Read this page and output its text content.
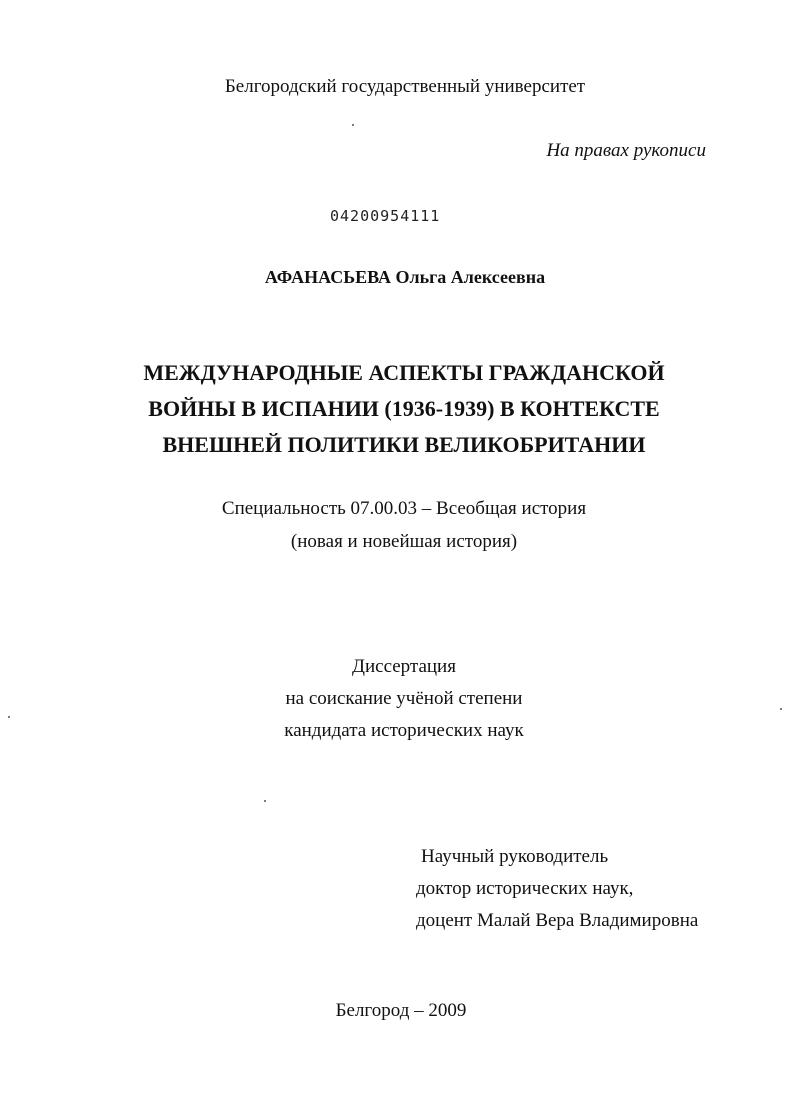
Белгородский государственный университет
На правах рукописи
04200954111
АФАНАСЬЕВА Ольга Алексеевна
МЕЖДУНАРОДНЫЕ АСПЕКТЫ ГРАЖДАНСКОЙ
ВОЙНЫ В ИСПАНИИ (1936-1939) В КОНТЕКСТЕ
ВНЕШНЕЙ ПОЛИТИКИ ВЕЛИКОБРИТАНИИ
Специальность 07.00.03 – Всеобщая история
(новая и новейшая история)
Диссертация
на соискание учёной степени
кандидата исторических наук
Научный руководитель
доктор исторических наук,
доцент Малай Вера Владимировна
Белгород – 2009
